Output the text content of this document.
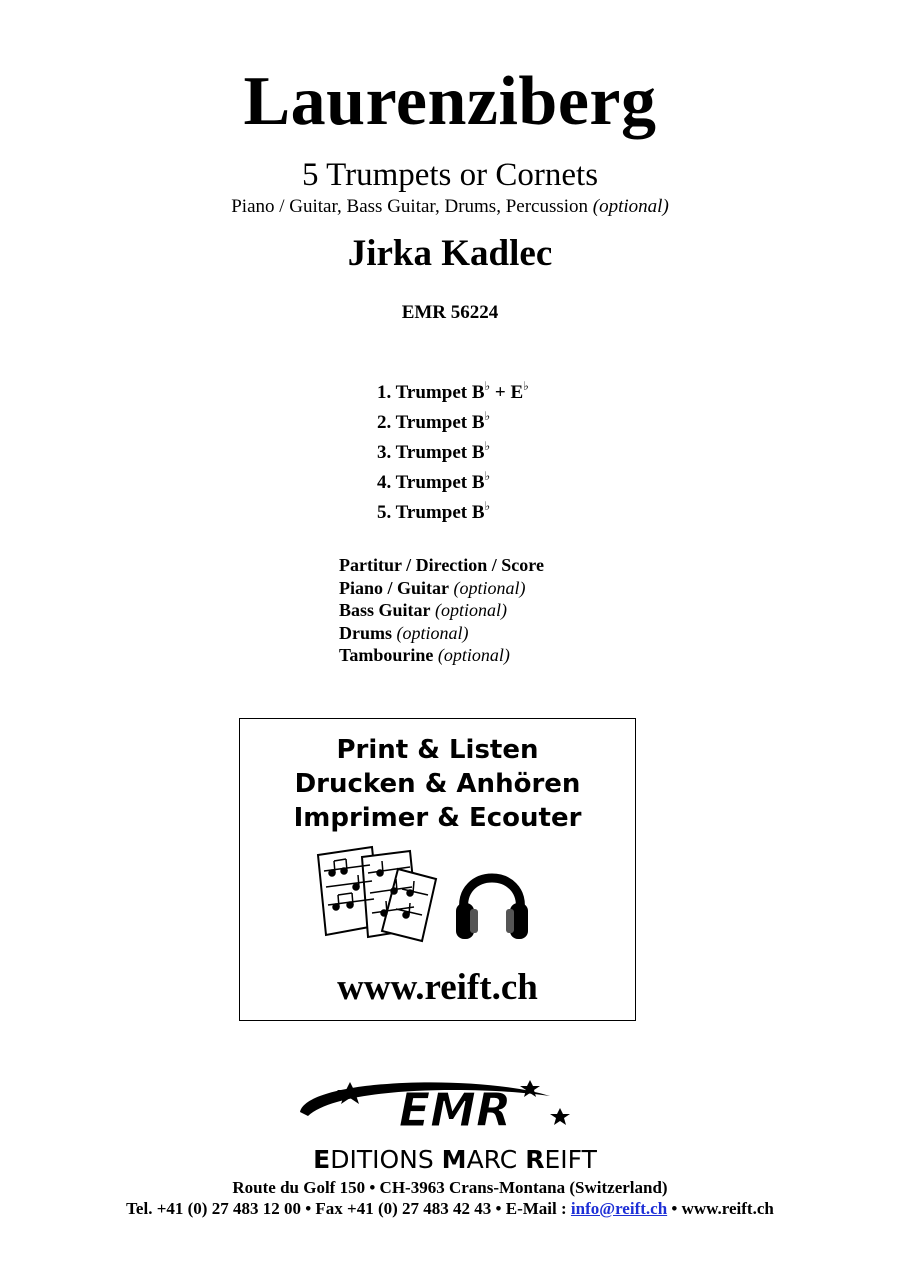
Laurenziberg
5 Trumpets or Cornets
Piano / Guitar, Bass Guitar, Drums, Percussion (optional)
Jirka Kadlec
EMR 56224
1. Trumpet B♭ + E♭
2. Trumpet B♭
3. Trumpet B♭
4. Trumpet B♭
5. Trumpet B♭
Partitur / Direction / Score
Piano / Guitar (optional)
Bass Guitar (optional)
Drums (optional)
Tambourine (optional)
Print & Listen
Drucken & Anhören
Imprimer & Ecouter
www.reift.ch
EMR
EDITIONS MARC REIFT
Route du Golf 150 • CH-3963 Crans-Montana (Switzerland)
Tel. +41 (0) 27 483 12 00 • Fax +41 (0) 27 483 42 43 • E-Mail : info@reift.ch • www.reift.ch
